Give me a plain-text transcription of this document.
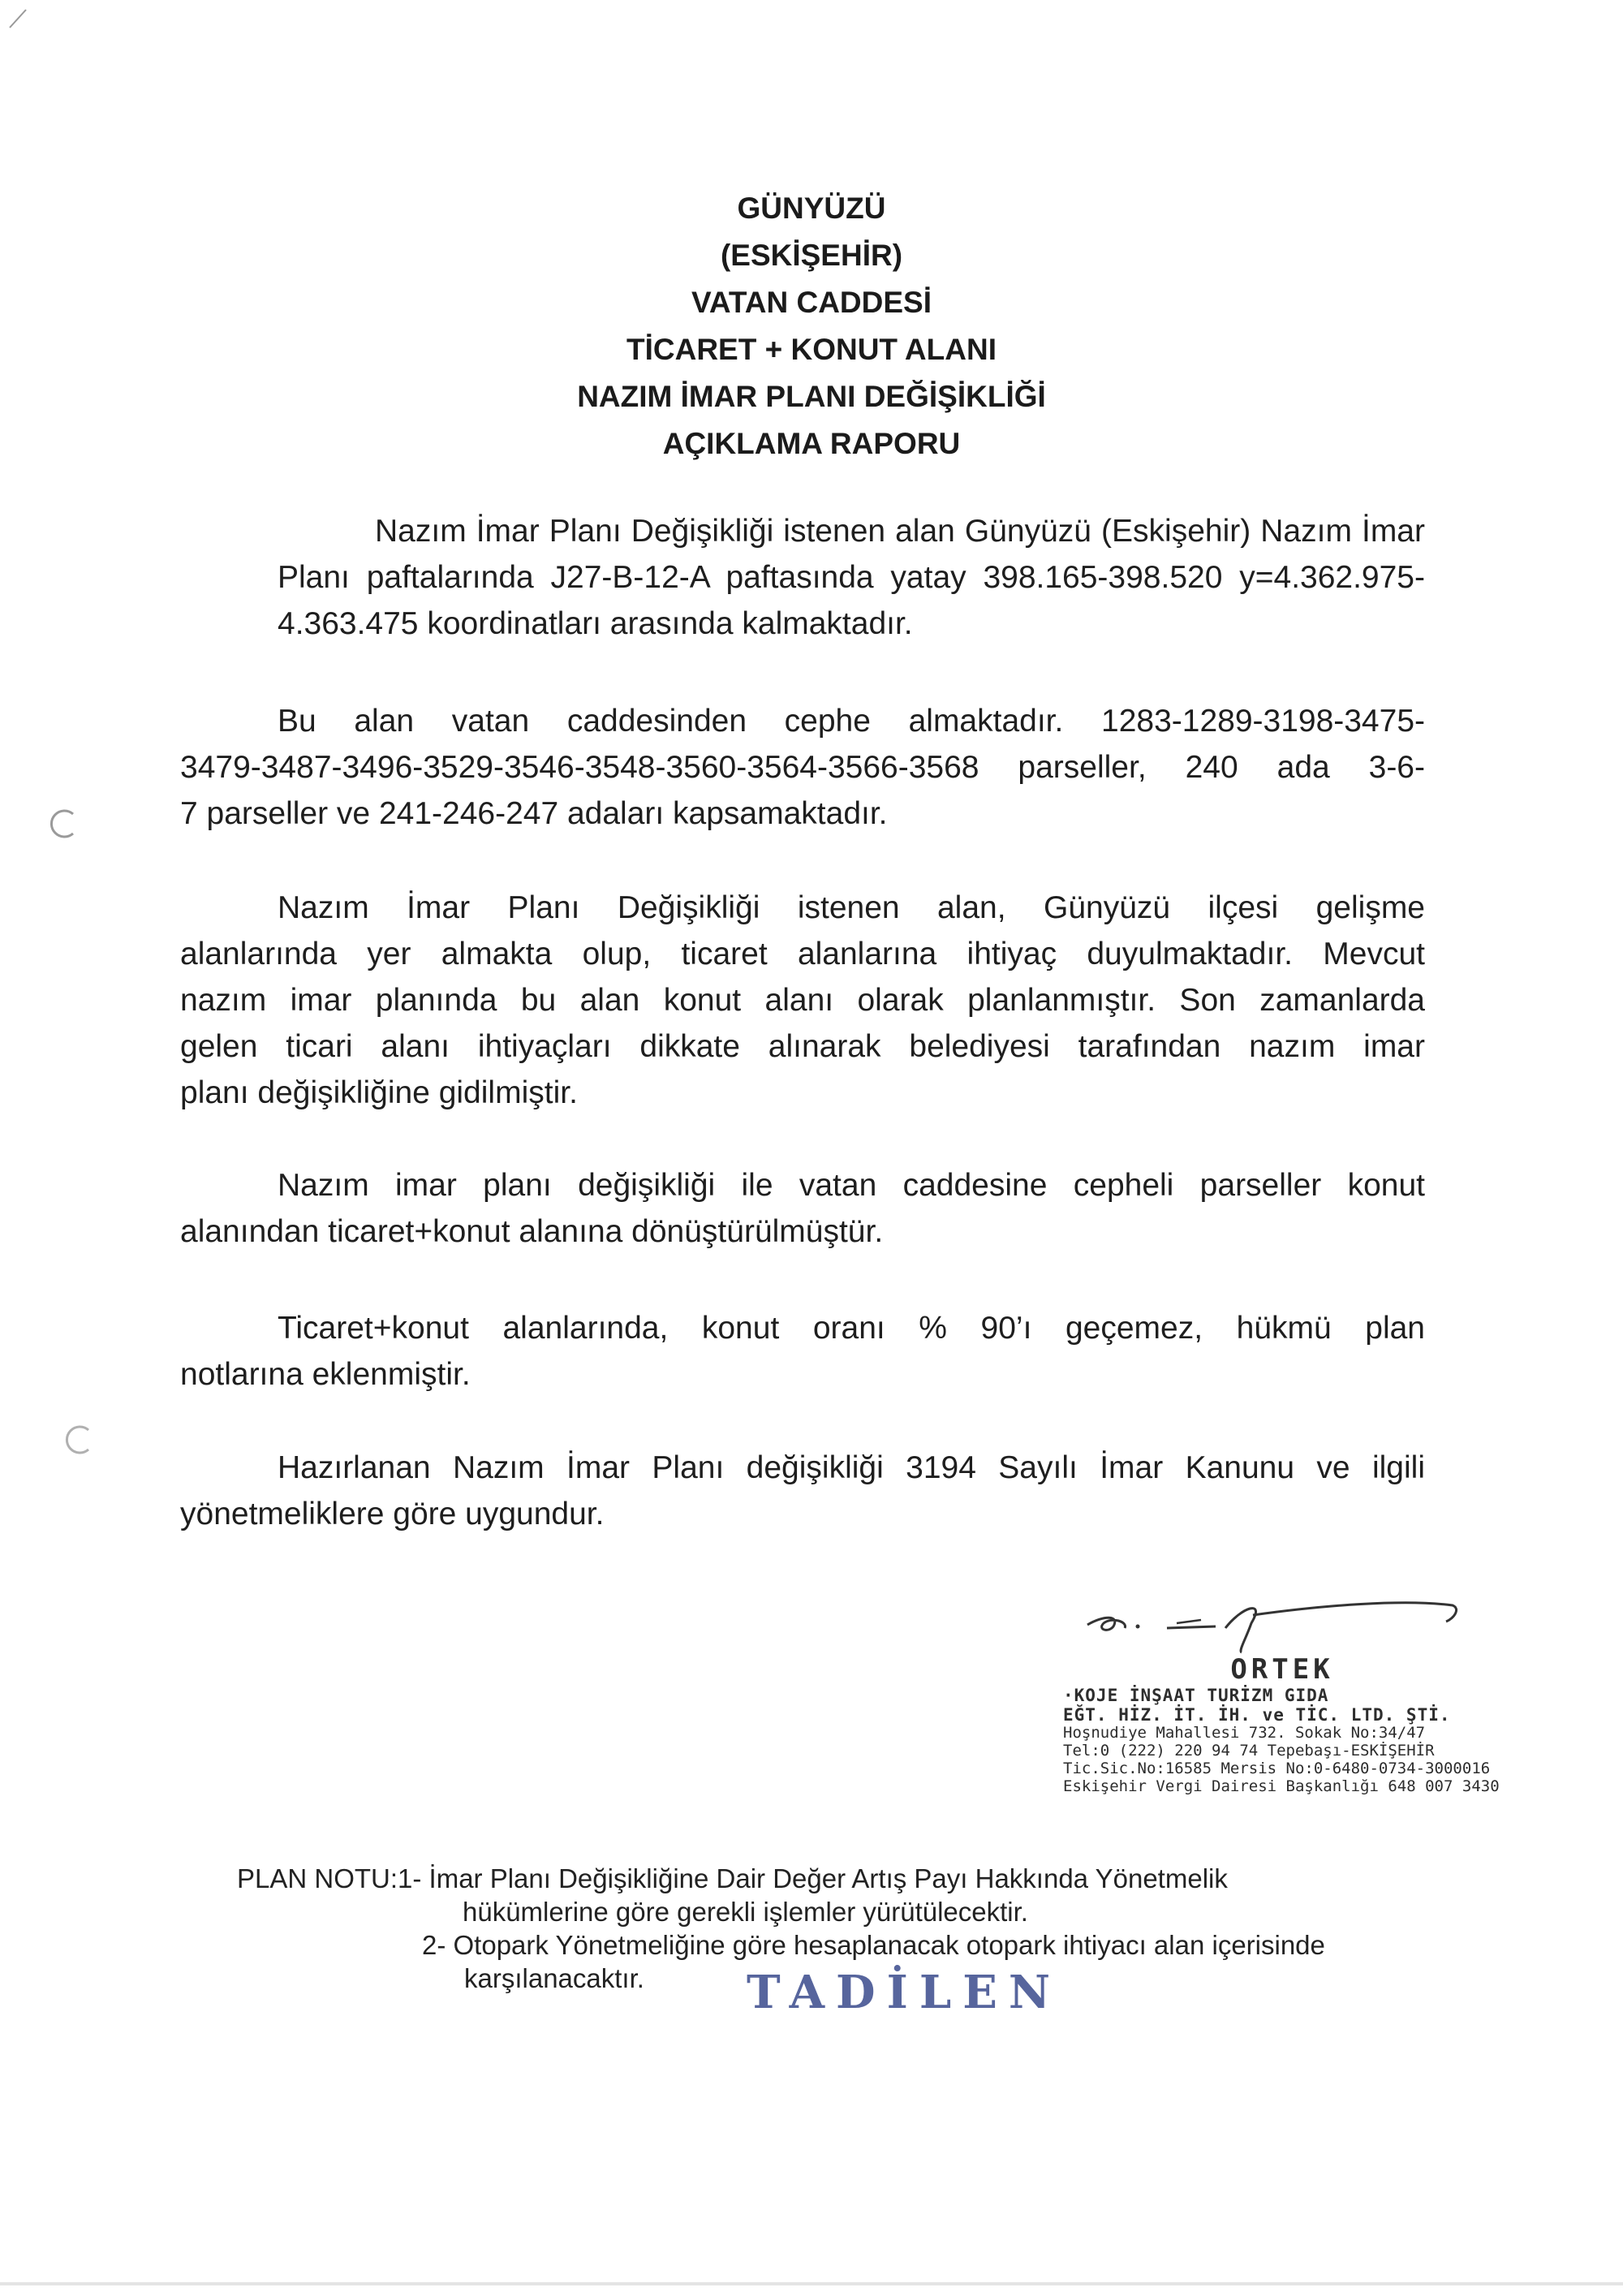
GÜNYÜZÜ
(ESKİŞEHİR)
VATAN CADDESİ
TİCARET + KONUT ALANI
NAZIM İMAR PLANI DEĞİŞİKLİĞİ
AÇIKLAMA RAPORU
Nazım İmar Planı Değişikliği istenen alan Günyüzü (Eskişehir) Nazım İmar
Planı paftalarında J27-B-12-A paftasında yatay 398.165-398.520 y=4.362.975-
4.363.475 koordinatları arasında kalmaktadır.
Bu alan vatan caddesinden cephe almaktadır. 1283-1289-3198-3475-
3479-3487-3496-3529-3546-3548-3560-3564-3566-3568 parseller, 240 ada 3-6-
7 parseller ve 241-246-247 adaları kapsamaktadır.
Nazım İmar Planı Değişikliği istenen alan, Günyüzü ilçesi gelişme
alanlarında yer almakta olup, ticaret alanlarına ihtiyaç duyulmaktadır. Mevcut
nazım imar planında bu alan konut alanı olarak planlanmıştır. Son zamanlarda
gelen ticari alanı ihtiyaçları dikkate alınarak belediyesi tarafından nazım imar
planı değişikliğine gidilmiştir.
Nazım imar planı değişikliği ile vatan caddesine cepheli parseller konut
alanından ticaret+konut alanına dönüştürülmüştür.
Ticaret+konut alanlarında, konut oranı % 90’ı geçemez, hükmü plan
notlarına eklenmiştir.
Hazırlanan Nazım İmar Planı değişikliği 3194 Sayılı İmar Kanunu ve ilgili
yönetmeliklere göre uygundur.
ORTEK
·KOJE İNŞAAT TURİZM GIDA
EĞT. HİZ. İT. İH. ve TİC. LTD. ŞTİ.
Hoşnudiye Mahallesi 732. Sokak No:34/47
Tel:0 (222) 220 94 74 Tepebaşı-ESKİŞEHİR
Tic.Sic.No:16585 Mersis No:0-6480-0734-3000016
Eskişehir Vergi Dairesi Başkanlığı 648 007 3430
PLAN NOTU:1- İmar Planı Değişikliğine Dair Değer Artış Payı Hakkında Yönetmelik
hükümlerine göre gerekli işlemler yürütülecektir.
2- Otopark Yönetmeliğine göre hesaplanacak otopark ihtiyacı alan içerisinde
karşılanacaktır.	TADİLEN
